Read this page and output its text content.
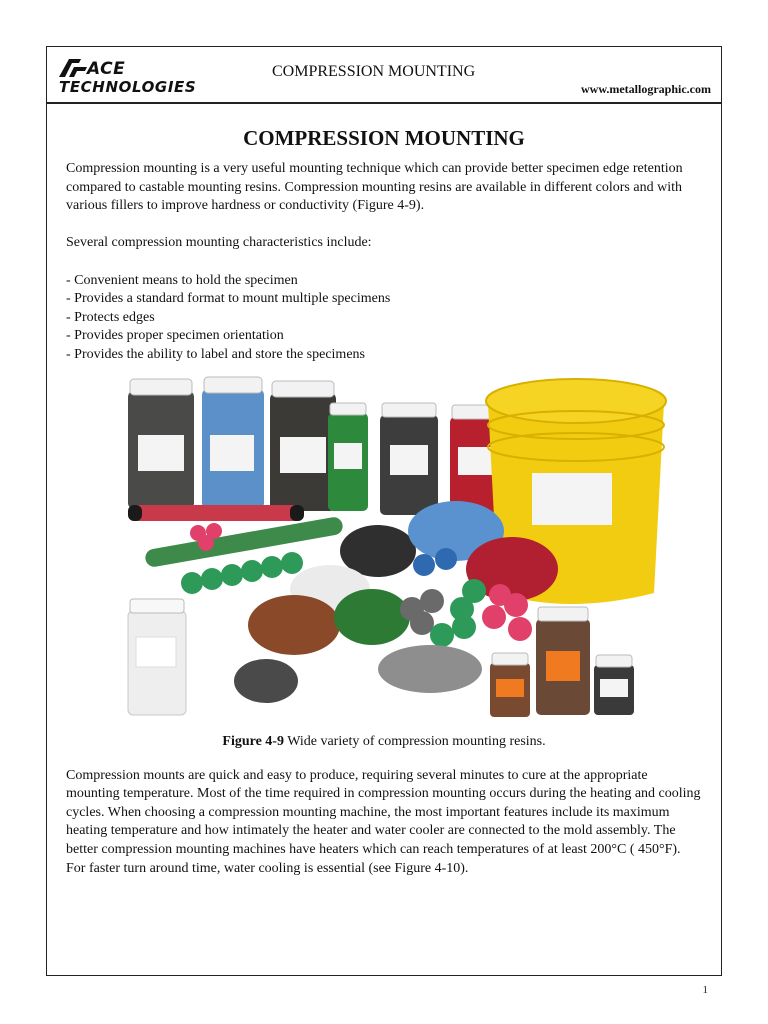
ACE
TECHNOLOGIES
COMPRESSION MOUNTING
www.metallographic.com
1
COMPRESSION MOUNTING

Compression mounting is a very useful mounting technique which can provide better specimen edge retention compared to castable mounting resins. Compression mounting resins are available in different colors and with various fillers to improve hardness or conductivity (Figure 4-9).

Several compression mounting characteristics include:

- Convenient means to hold the specimen
- Provides a standard format to mount multiple specimens
- Protects edges
- Provides proper specimen orientation
- Provides the ability to label and store the specimens
Figure 4-9 Wide variety of compression mounting resins.

Compression mounts are quick and easy to produce, requiring several minutes to cure at the appropriate mounting temperature. Most of the time required in compression mounting occurs during the heating and cooling cycles. When choosing a compression mounting machine, the most important features include its maximum heating temperature and how intimately the heater and water cooler are connected to the mold assembly. The better compression mounting machines have heaters which can reach temperatures of at least 200°C ( 450°F). For faster turn around time, water cooling is essential (see Figure 4-10).
